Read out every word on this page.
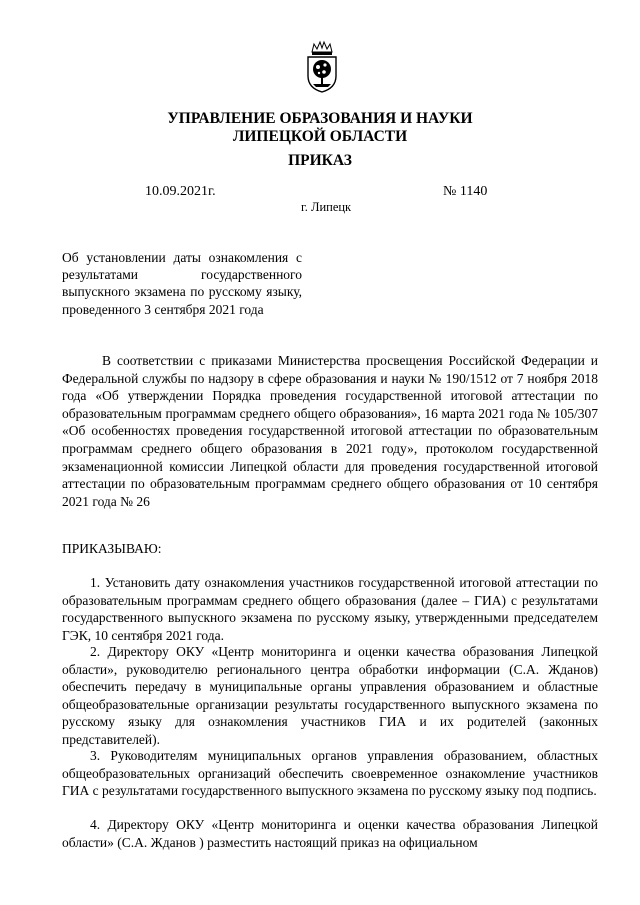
УПРАВЛЕНИЕ ОБРАЗОВАНИЯ И НАУКИ
ЛИПЕЦКОЙ ОБЛАСТИ
ПРИКАЗ
10.09.2021г.	№ 1140
г. Липецк
Об установлении даты ознакомления с результатами государственного выпускного экзамена по русскому языку, проведенного 3 сентября 2021 года

В соответствии с приказами Министерства просвещения Российской Федерации и Федеральной службы по надзору в сфере образования и науки № 190/1512 от 7 ноября 2018 года «Об утверждении Порядка проведения государственной итоговой аттестации по образовательным программам среднего общего образования», 16 марта 2021 года № 105/307 «Об особенностях проведения государственной итоговой аттестации по образовательным программам среднего общего образования в 2021 году», протоколом государственной экзаменационной комиссии Липецкой области для проведения государственной итоговой аттестации по образовательным программам среднего общего образования от 10 сентября 2021 года № 26

ПРИКАЗЫВАЮ:

1. Установить дату ознакомления участников государственной итоговой аттестации по образовательным программам среднего общего образования (далее – ГИА) с результатами государственного выпускного экзамена по русскому языку, утвержденными председателем ГЭК, 10 сентября 2021 года.

2. Директору ОКУ «Центр мониторинга и оценки качества образования Липецкой области», руководителю регионального центра обработки информации (С.А. Жданов) обеспечить передачу в муниципальные органы управления образованием и областные общеобразовательные организации результаты государственного выпускного экзамена по русскому языку для ознакомления участников ГИА и их родителей (законных представителей).

3. Руководителям муниципальных органов управления образованием, областных общеобразовательных организаций обеспечить своевременное ознакомление участников ГИА с результатами государственного выпускного экзамена по русскому языку под подпись.

4. Директору ОКУ «Центр мониторинга и оценки качества образования Липецкой области» (С.А. Жданов ) разместить настоящий приказ на официальном
